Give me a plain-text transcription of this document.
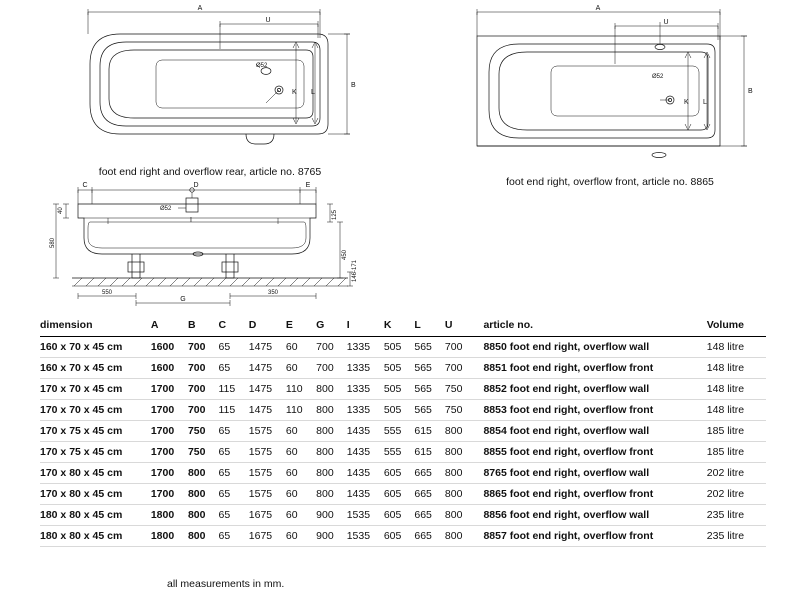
A
U
Ø52
K L
B
foot end right and overflow rear, article no. 8765
A
U
Ø52
K L
B
foot end right, overflow front, article no. 8865
C	D	E
Ø52
I
40
580
125
450
550
G
350
146-171
dimension	A	B	C	D	E	G	I	K	L	U	article no.	Volume
160 x 70 x 45 cm	1600	700	65	1475	60	700	1335	505	565	700	8850 foot end right, overflow wall	148 litre
160 x 70 x 45 cm	1600	700	65	1475	60	700	1335	505	565	700	8851 foot end right, overflow front	148 litre
170 x 70 x 45 cm	1700	700	115	1475	110	800	1335	505	565	750	8852 foot end right, overflow wall	148 litre
170 x 70 x 45 cm	1700	700	115	1475	110	800	1335	505	565	750	8853 foot end right, overflow front	148 litre
170 x 75 x 45 cm	1700	750	65	1575	60	800	1435	555	615	800	8854 foot end right, overflow wall	185 litre
170 x 75 x 45 cm	1700	750	65	1575	60	800	1435	555	615	800	8855 foot end right, overflow front	185 litre
170 x 80 x 45 cm	1700	800	65	1575	60	800	1435	605	665	800	8765 foot end right, overflow wall	202 litre
170 x 80 x 45 cm	1700	800	65	1575	60	800	1435	605	665	800	8865 foot end right, overflow front	202 litre
180 x 80 x 45 cm	1800	800	65	1675	60	900	1535	605	665	800	8856 foot end right, overflow wall	235 litre
180 x 80 x 45 cm	1800	800	65	1675	60	900	1535	605	665	800	8857 foot end right, overflow front	235 litre
all measurements in mm.
